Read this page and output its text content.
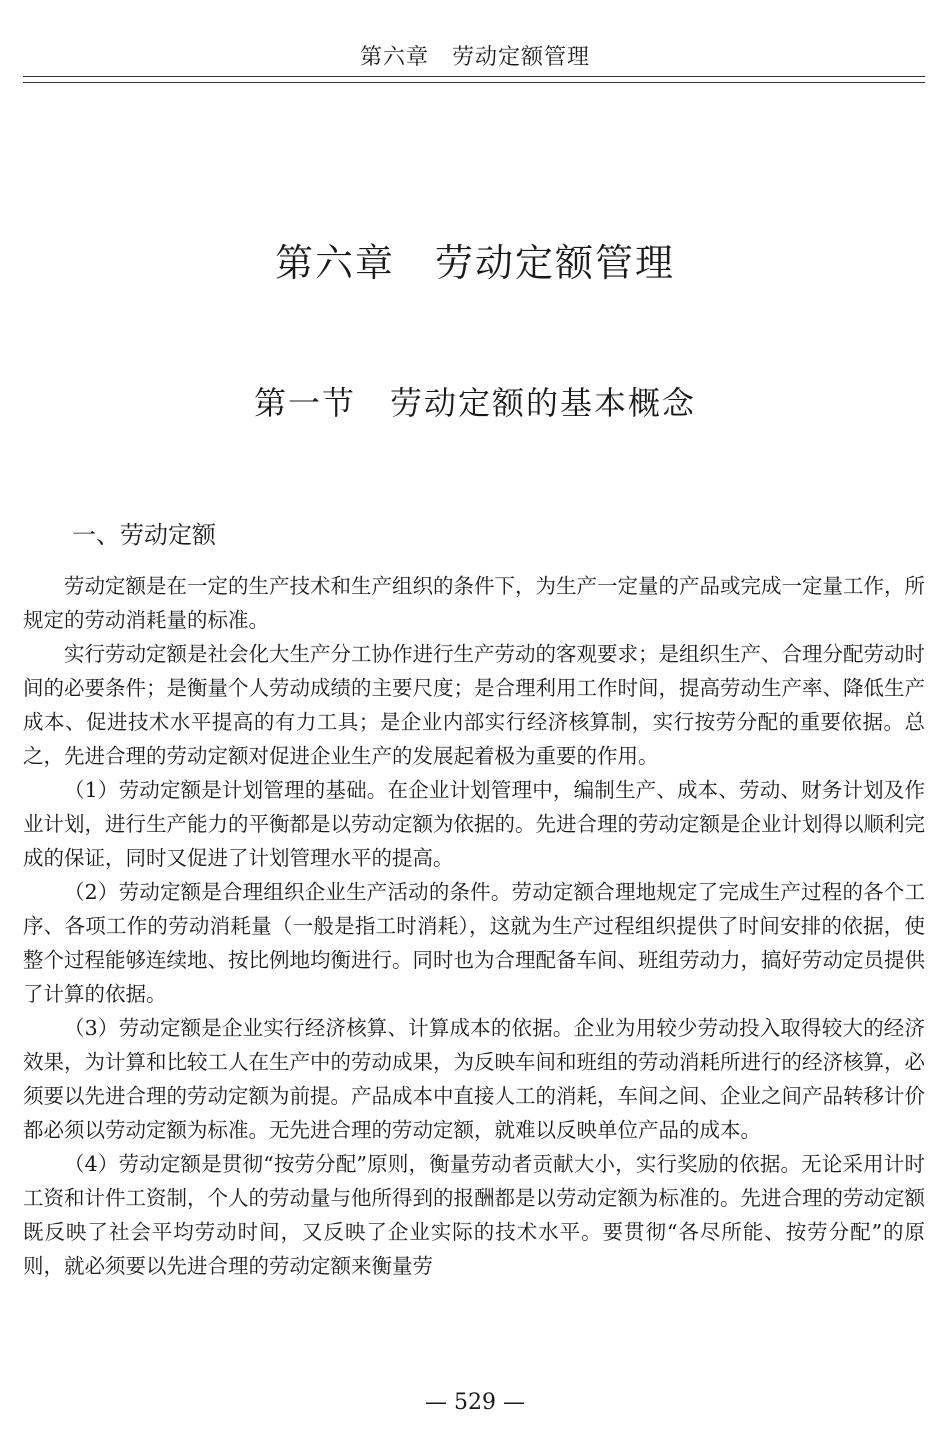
第六章　劳动定额管理
第六章　劳动定额管理
第一节　劳动定额的基本概念
一、劳动定额

劳动定额是在一定的生产技术和生产组织的条件下，为生产一定量的产品或完成一定量工作，所规定的劳动消耗量的标准。

实行劳动定额是社会化大生产分工协作进行生产劳动的客观要求；是组织生产、合理分配劳动时间的必要条件；是衡量个人劳动成绩的主要尺度；是合理利用工作时间，提高劳动生产率、降低生产成本、促进技术水平提高的有力工具；是企业内部实行经济核算制，实行按劳分配的重要依据。总之，先进合理的劳动定额对促进企业生产的发展起着极为重要的作用。

（1）劳动定额是计划管理的基础。在企业计划管理中，编制生产、成本、劳动、财务计划及作业计划，进行生产能力的平衡都是以劳动定额为依据的。先进合理的劳动定额是企业计划得以顺利完成的保证，同时又促进了计划管理水平的提高。

（2）劳动定额是合理组织企业生产活动的条件。劳动定额合理地规定了完成生产过程的各个工序、各项工作的劳动消耗量（一般是指工时消耗），这就为生产过程组织提供了时间安排的依据，使整个过程能够连续地、按比例地均衡进行。同时也为合理配备车间、班组劳动力，搞好劳动定员提供了计算的依据。

（3）劳动定额是企业实行经济核算、计算成本的依据。企业为用较少劳动投入取得较大的经济效果，为计算和比较工人在生产中的劳动成果，为反映车间和班组的劳动消耗所进行的经济核算，必须要以先进合理的劳动定额为前提。产品成本中直接人工的消耗，车间之间、企业之间产品转移计价都必须以劳动定额为标准。无先进合理的劳动定额，就难以反映单位产品的成本。

（4）劳动定额是贯彻“按劳分配”原则，衡量劳动者贡献大小，实行奖励的依据。无论采用计时工资和计件工资制，个人的劳动量与他所得到的报酬都是以劳动定额为标准的。先进合理的劳动定额既反映了社会平均劳动时间，又反映了企业实际的技术水平。要贯彻“各尽所能、按劳分配”的原则，就必须要以先进合理的劳动定额来衡量劳

— 529 —
